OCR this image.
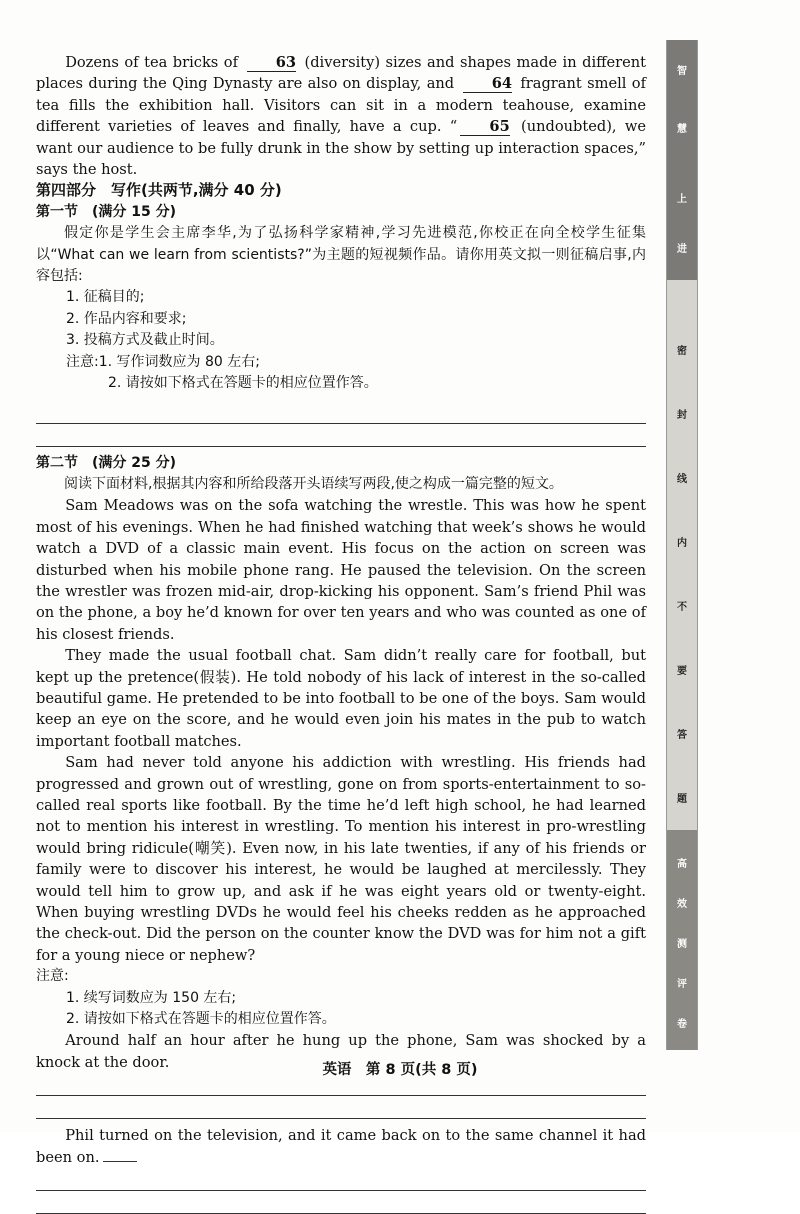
Dozens of tea bricks of	63 (diversity) sizes and shapes made in different places during the Qing Dynasty are also on display, and	64 fragrant smell of tea fills the exhibition hall. Visitors can sit in a modern teahouse, examine different varieties of leaves and finally, have a cup. “ 65 (undoubted), we want our audience to be fully drunk in the show by setting up interaction spaces,” says the host.

第四部分　写作(共两节,满分 40 分)

第一节　(满分 15 分)

假定你是学生会主席李华,为了弘扬科学家精神,学习先进模范,你校正在向全校学生征集以“What can we learn from scientists?”为主题的短视频作品。请你用英文拟一则征稿启事,内容包括:

1. 征稿目的;

2. 作品内容和要求;

3. 投稿方式及截止时间。

注意:1. 写作词数应为 80 左右;

2. 请按如下格式在答题卡的相应位置作答。

第二节　(满分 25 分)

阅读下面材料,根据其内容和所给段落开头语续写两段,使之构成一篇完整的短文。

Sam Meadows was on the sofa watching the wrestle. This was how he spent most of his evenings. When he had finished watching that week’s shows he would watch a DVD of a classic main event. His focus on the action on screen was disturbed when his mobile phone rang. He paused the television. On the screen the wrestler was frozen mid-air, drop-kicking his opponent. Sam’s friend Phil was on the phone, a boy he’d known for over ten years and who was counted as one of his closest friends.

They made the usual football chat. Sam didn’t really care for football, but kept up the pretence(假装). He told nobody of his lack of interest in the so-called beautiful game. He pretended to be into football to be one of the boys. Sam would keep an eye on the score, and he would even join his mates in the pub to watch important football matches.

Sam had never told anyone his addiction with wrestling. His friends had progressed and grown out of wrestling, gone on from sports-entertainment to so-called real sports like football. By the time he’d left high school, he had learned not to mention his interest in wrestling. To mention his interest in pro-wrestling would bring ridicule(嘲笑). Even now, in his late twenties, if any of his friends or family were to discover his interest, he would be laughed at mercilessly. They would tell him to grow up, and ask if he was eight years old or twenty-eight. When buying wrestling DVDs he would feel his cheeks redden as he approached the check-out. Did the person on the counter know the DVD was for him not a gift for a young niece or nephew?

注意:

1. 续写词数应为 150 左右;

2. 请按如下格式在答题卡的相应位置作答。

Around half an hour after he hung up the phone, Sam was shocked by a knock at the door.

Phil turned on the television, and it came back on to the same channel it had been on.

英语　第 8 页(共 8 页)
智
慧
上
进
密
封
线
内
不
要
答
题
高
效
测
评
卷
